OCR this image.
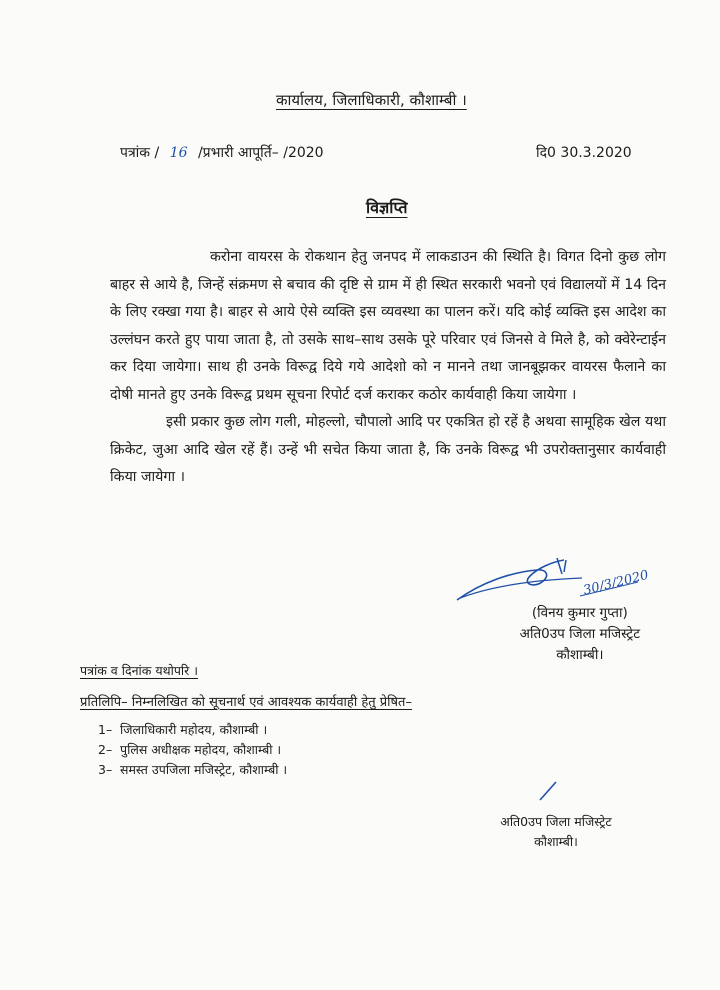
कार्यालय, जिलाधिकारी, कौशाम्बी ।
पत्रांक / 16 /प्रभारी आपूर्ति– /2020	दि0 30.3.2020
विज्ञप्ति

करोना वायरस के रोकथान हेतु जनपद में लाकडाउन की स्थिति है। विगत दिनो कुछ लोग बाहर से आये है, जिन्हें संक्रमण से बचाव की दृष्टि से ग्राम में ही स्थित सरकारी भवनो एवं विद्यालयों में 14 दिन के लिए रक्खा गया है। बाहर से आये ऐसे व्यक्ति इस व्यवस्था का पालन करें। यदि कोई व्यक्ति इस आदेश का उल्लंघन करते हुए पाया जाता है, तो उसके साथ–साथ उसके पूरे परिवार एवं जिनसे वे मिले है, को क्वेरेन्टाईन कर दिया जायेगा। साथ ही उनके विरूद्व दिये गये आदेशो को न मानने तथा जानबूझकर वायरस फैलाने का दोषी मानते हुए उनके विरूद्व प्रथम सूचना रिपोर्ट दर्ज कराकर कठोर कार्यवाही किया जायेगा ।

इसी प्रकार कुछ लोग गली, मोहल्लो, चौपालो आदि पर एकत्रित हो रहें है अथवा सामूहिक खेल यथा क्रिकेट, जुआ आदि खेल रहें हैं। उन्हें भी सचेत किया जाता है, कि उनके विरूद्व भी उपरोक्तानुसार कार्यवाही किया जायेगा ।

30/3/2020
(विनय कुमार गुप्ता)
अति0उप जिला मजिस्ट्रेट
कौशाम्बी।
पत्रांक व दिनांक यथोपरि ।
प्रतिलिपि– निम्नलिखित को सूचनार्थ एवं आवश्यक कार्यवाही हेतु प्रेषित–
1– जिलाधिकारी महोदय, कौशाम्बी ।
2– पुलिस अधीक्षक महोदय, कौशाम्बी ।
3– समस्त उपजिला मजिस्ट्रेट, कौशाम्बी ।
अति0उप जिला मजिस्ट्रेट
कौशाम्बी।
